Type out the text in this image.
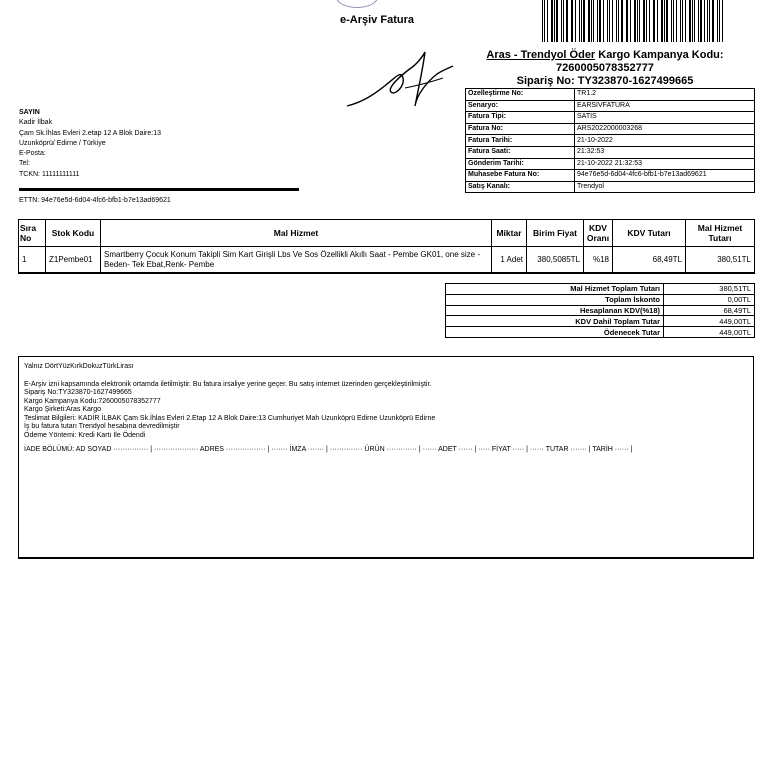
e-Arşiv Fatura
Aras - Trendyol Öder Kargo Kampanya Kodu:
7260005078352777
Sipariş No: TY323870-1627499665
SAYIN
Kadir İlbak
Çam Sk.İhlas Evleri 2.etap 12 A Blok Daire:13
Uzunköprü/ Edirne / Türkiye
E-Posta:
Tel:
TCKN: 11111111111
ETTN: 94e76e5d-6d04-4fc6-bfb1-b7e13ad69621
Özelleştirme No:	TR1.2
Senaryo:	EARSIVFATURA
Fatura Tipi:	SATIS
Fatura No:	ARS2022000003268
Fatura Tarihi:	21-10-2022
Fatura Saati:	21:32:53
Gönderim Tarihi:	21-10-2022 21:32:53
Muhasebe Fatura No:	94e76e5d-6d04-4fc6-bfb1-b7e13ad69621
Satış Kanalı:	Trendyol
Sıra No	Stok Kodu	Mal Hizmet	Miktar	Birim Fiyat	KDV Oranı	KDV Tutarı	Mal Hizmet Tutarı
1	Z1Pembe01	Smartberry Çocuk Konum Takipli Sim Kart Girişli Lbs Ve Sos Özellikli Akıllı Saat - Pembe GK01, one size - Beden- Tek Ebat,Renk- Pembe	1 Adet	380,5085TL	%18	68,49TL	380,51TL
Mal Hizmet Toplam Tutarı	380,51TL
Toplam İskonto	0,00TL
Hesaplanan KDV(%18)	68,49TL
KDV Dahil Toplam Tutar	449,00TL
Ödenecek Tutar	449,00TL

Yalnız DörtYüzKırkDokuzTürkLirası

E-Arşiv izni kapsamında elektronik ortamda iletilmiştir. Bu fatura irsaliye yerine geçer. Bu satış internet üzerinden gerçekleştirilmiştir.

Sipariş No:TY323870-1627499665

Kargo Kampanya Kodu:7260005078352777

Kargo Şirketi:Aras Kargo

Teslimat Bilgileri: KADİR İLBAK Çam Sk.İhlas Evleri 2.Etap 12 A Blok Daire:13 Cumhuriyet Mah Uzunköprü Edirne Uzunköprü Edirne

İş bu fatura tutarı Trendyol hesabına devredilmiştir

Ödeme Yöntemi: Kredi Kartı İle Ödendi

İADE BÖLÜMÜ: AD SOYAD ··············· | ··················· ADRES ················· | ······· İMZA ······· | ·············· ÜRÜN ············· | ······ ADET ······ | ····· FİYAT ····· | ······ TUTAR ······· | TARİH ······ |
